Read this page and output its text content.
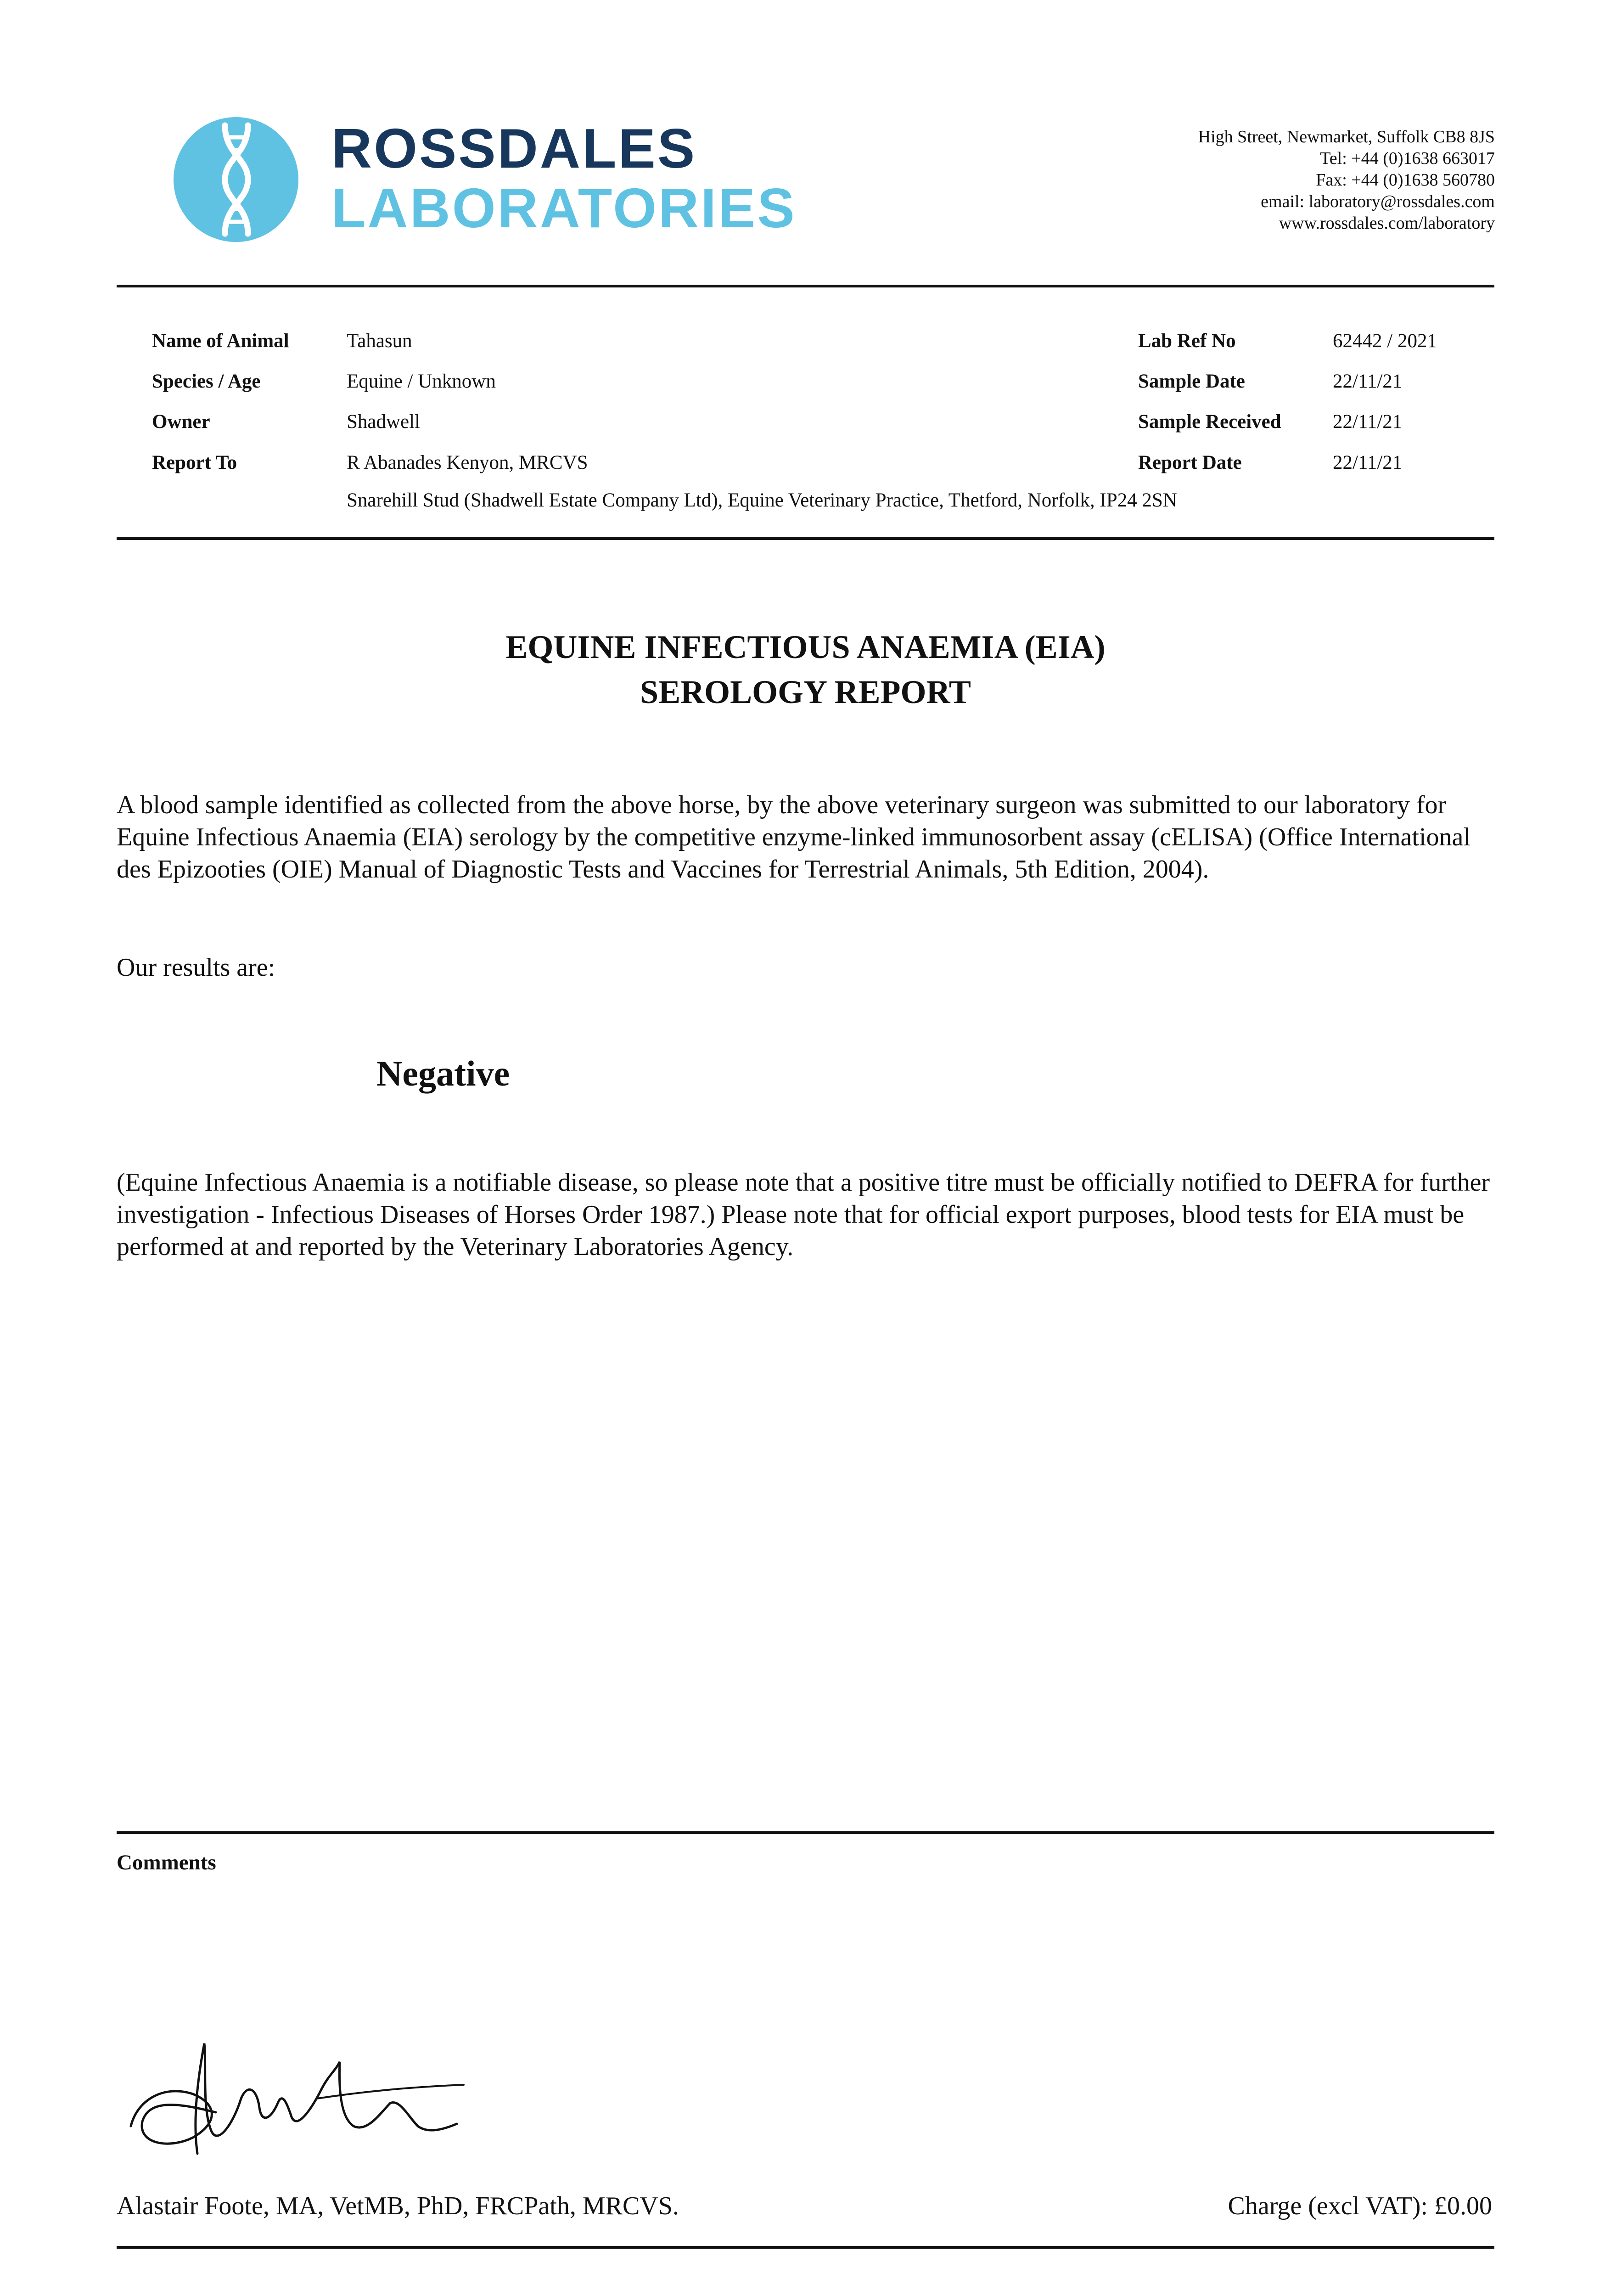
ROSSDALES
LABORATORIES
High Street, Newmarket, Suffolk CB8 8JS
Tel: +44 (0)1638 663017
Fax: +44 (0)1638 560780
email: laboratory@rossdales.com
www.rossdales.com/laboratory
Name of Animal	Tahasun
Species / Age	Equine / Unknown
Owner	Shadwell
Report To	R Abanades Kenyon, MRCVS
Snarehill Stud (Shadwell Estate Company Ltd), Equine Veterinary Practice, Thetford, Norfolk, IP24 2SN
Lab Ref No	62442 / 2021
Sample Date	22/11/21
Sample Received	22/11/21
Report Date	22/11/21
EQUINE INFECTIOUS ANAEMIA (EIA)
SEROLOGY REPORT
A blood sample identified as collected from the above horse, by the above veterinary surgeon was submitted to our laboratory for Equine Infectious Anaemia (EIA) serology by the competitive enzyme-linked immunosorbent assay (cELISA) (Office International des Epizooties (OIE) Manual of Diagnostic Tests and Vaccines for Terrestrial Animals, 5th Edition, 2004).
Our results are:
Negative
(Equine Infectious Anaemia is a notifiable disease, so please note that a positive titre must be officially notified to DEFRA for further investigation - Infectious Diseases of Horses Order 1987.) Please note that for official export purposes, blood tests for EIA must be performed at and reported by the Veterinary Laboratories Agency.
Comments
Alastair Foote, MA, VetMB, PhD, FRCPath, MRCVS.	Charge (excl VAT): £0.00
